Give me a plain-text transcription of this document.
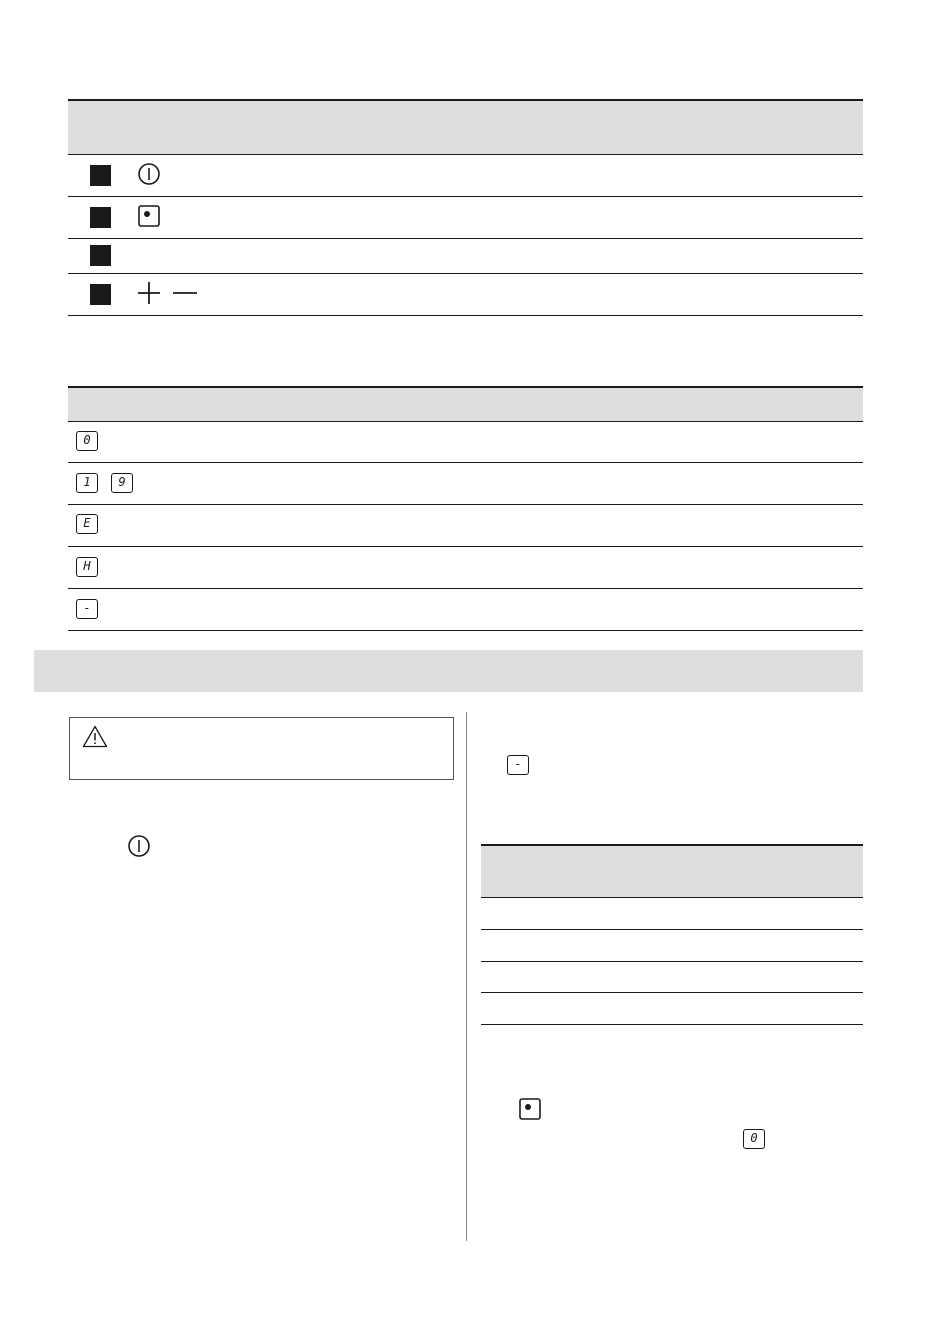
0
1	9
E
H
-
-
0
